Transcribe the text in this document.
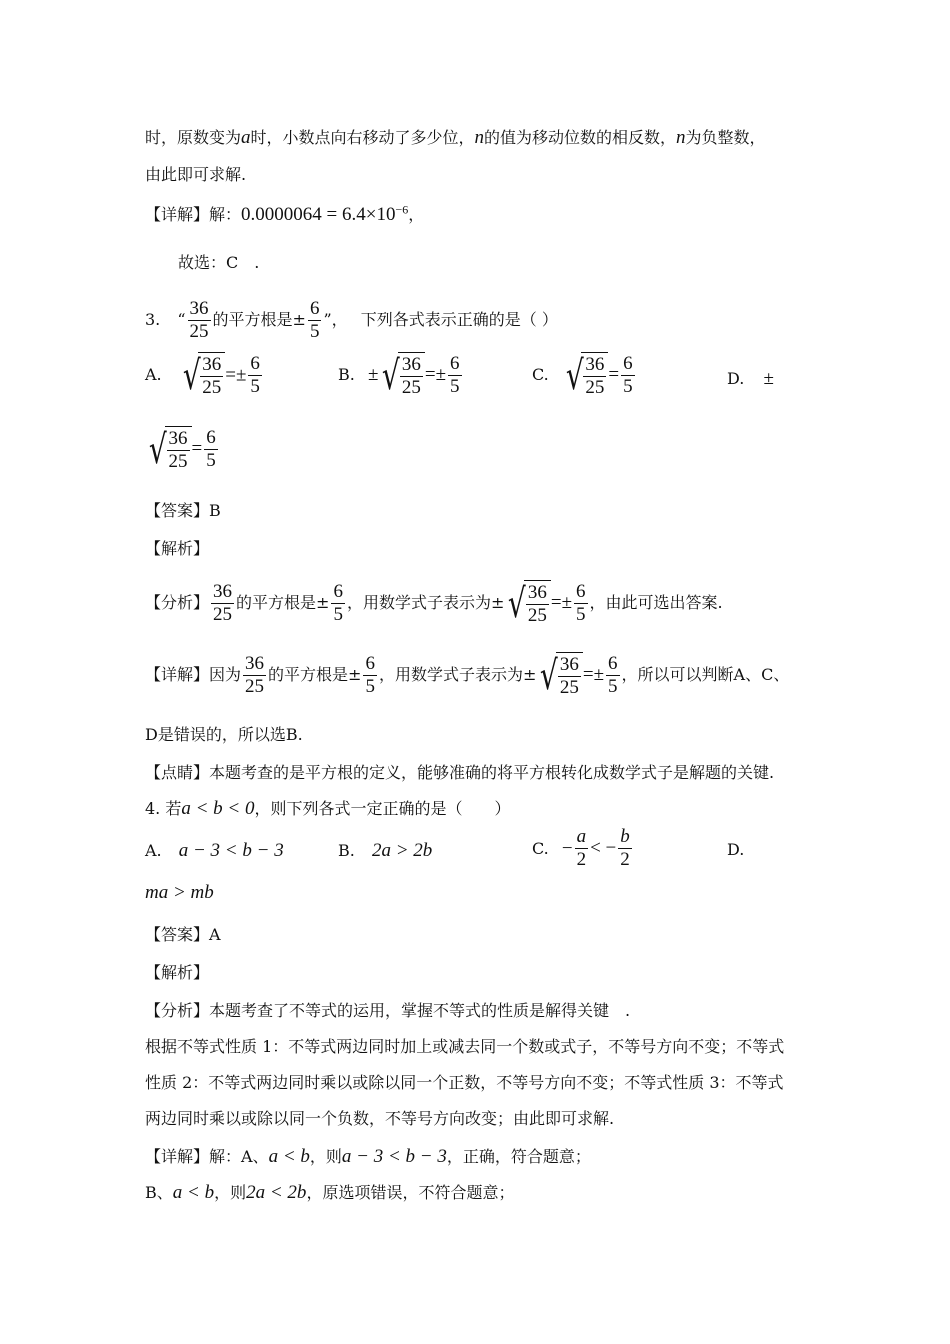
时，原数变为a时，小数点向右移动了多少位，n的值为移动位数的相反数，n为负整数，
由此即可求解.
【详解】解：$0.0000064 = 6.4\times 10^{-6}$，
故选：C　.
3. “ $\frac{36}{25}$ 的平方根是± $\frac{6}{5}$ ”， 下列各式表示正确的是（ ）
A. √ $\frac{36}{25} =\pm \frac{6}{5}$	B. ±√ $\frac{36}{25} =\pm \frac{6}{5}$	C. √ $\frac{36}{25} = \frac{6}{5}$	D. ±
√ $\frac{36}{25} = \frac{6}{5}$
【答案】B
【解析】
【分析】 $\frac{36}{25}$ 的平方根是± $\frac{6}{5}$ ，用数学式子表示为±√ $\frac{36}{25} =\pm \frac{6}{5}$ ，由此可选出答案.
【详解】因为 $\frac{36}{25}$ 的平方根是± $\frac{6}{5}$ ，用数学式子表示为±√ $\frac{36}{25} =\pm \frac{6}{5}$ ，所以可以判断A、C、
D是错误的，所以选B.
【点睛】本题考查的是平方根的定义，能够准确的将平方根转化成数学式子是解题的关键.
4. 若a < b < 0，则下列各式一定正确的是（　　）
A. a − 3 < b − 3	B. 2a > 2b	C. − $\frac{a}{2}$ < − $\frac{b}{2}$	D.
ma > mb
【答案】A
【解析】
【分析】本题考查了不等式的运用，掌握不等式的性质是解得关键　.
根据不等式性质 1：不等式两边同时加上或减去同一个数或式子，不等号方向不变；不等式
性质 2：不等式两边同时乘以或除以同一个正数，不等号方向不变；不等式性质 3：不等式
两边同时乘以或除以同一个负数，不等号方向改变；由此即可求解.
【详解】解：A、a < b，则a − 3 < b − 3，正确，符合题意；
B、a < b，则2a < 2b，原选项错误，不符合题意；
